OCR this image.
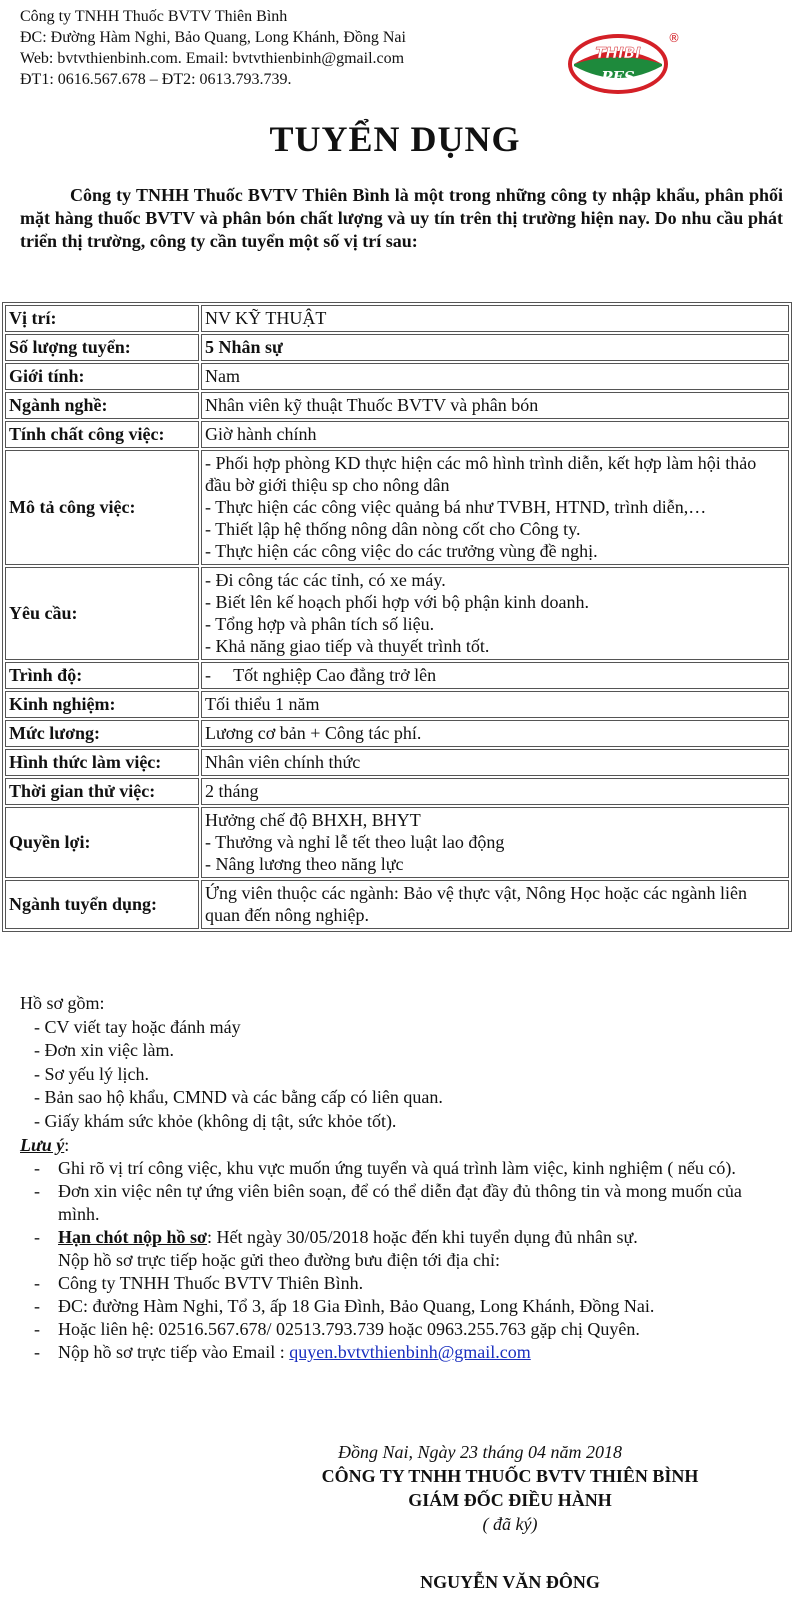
Công ty TNHH Thuốc BVTV Thiên Bình
ĐC: Đường Hàm Nghi, Bảo Quang, Long Khánh, Đồng Nai
Web: bvtvthienbinh.com. Email: bvtvthienbinh@gmail.com
ĐT1: 0616.567.678 – ĐT2: 0613.793.739.
THIBI
PES
®
TUYỂN DỤNG
Công ty TNHH Thuốc BVTV Thiên Bình là một trong những công ty nhập khẩu, phân phối mặt hàng thuốc BVTV và phân bón chất lượng và uy tín trên thị trường hiện nay. Do nhu cầu phát triển thị trường, công ty cần tuyển một số vị trí sau:
Vị trí:	NV KỸ THUẬT
Số lượng tuyển:	5 Nhân sự
Giới tính:	Nam
Ngành nghề:	Nhân viên kỹ thuật Thuốc BVTV và phân bón
Tính chất công việc:	Giờ hành chính
Mô tả công việc:	- Phối hợp phòng KD thực hiện các mô hình trình diễn, kết hợp làm hội thảo đầu bờ giới thiệu sp cho nông dân
- Thực hiện các công việc quảng bá như TVBH, HTND, trình diễn,…
- Thiết lập hệ thống nông dân nòng cốt cho Công ty.
- Thực hiện các công việc do các trưởng vùng đề nghị.

Yêu cầu:	- Đi công tác các tỉnh, có xe máy.
- Biết lên kế hoạch phối hợp với bộ phận kinh doanh.
- Tổng hợp và phân tích số liệu.
- Khả năng giao tiếp và thuyết trình tốt.

Trình độ:	-     Tốt nghiệp Cao đẳng trở lên
Kinh nghiệm:	Tối thiểu 1 năm
Mức lương:	Lương cơ bản + Công tác phí.
Hình thức làm việc:	Nhân viên chính thức
Thời gian thử việc:	2 tháng
Quyền lợi:	Hưởng chế độ BHXH, BHYT
- Thưởng và nghỉ lễ tết theo luật lao động
- Nâng lương theo năng lực

Ngành tuyển dụng:	Ứng viên thuộc các ngành: Bảo vệ thực vật, Nông Học hoặc các ngành liên quan đến nông nghiệp.
Hồ sơ gồm:
- CV viết tay hoặc đánh máy
- Đơn xin việc làm.
- Sơ yếu lý lịch.
- Bản sao hộ khẩu, CMND và các bằng cấp có liên quan.
- Giấy khám sức khỏe (không dị tật, sức khỏe tốt).
Lưu ý:
- Ghi rõ vị trí công việc, khu vực muốn ứng tuyển và quá trình làm việc, kinh nghiệm ( nếu có).
- Đơn xin việc nên tự ứng viên biên soạn, để có thể diễn đạt đầy đủ thông tin và mong muốn của mình.
- Hạn chót nộp hồ sơ: Hết ngày 30/05/2018 hoặc đến khi tuyển dụng đủ nhân sự.
Nộp hồ sơ trực tiếp hoặc gửi theo đường bưu điện tới địa chỉ:
- Công ty TNHH Thuốc BVTV Thiên Bình.
- ĐC: đường Hàm Nghi, Tổ 3, ấp 18 Gia Đình, Bảo Quang, Long Khánh, Đồng Nai.
- Hoặc liên hệ: 02516.567.678/ 02513.793.739 hoặc 0963.255.763 gặp chị Quyên.
- Nộp hồ sơ trực tiếp vào Email : quyen.bvtvthienbinh@gmail.com
Đồng Nai, Ngày 23 tháng 04 năm 2018
CÔNG TY TNHH THUỐC BVTV THIÊN BÌNH
GIÁM ĐỐC ĐIỀU HÀNH
( đã ký)
NGUYỄN VĂN ĐÔNG
